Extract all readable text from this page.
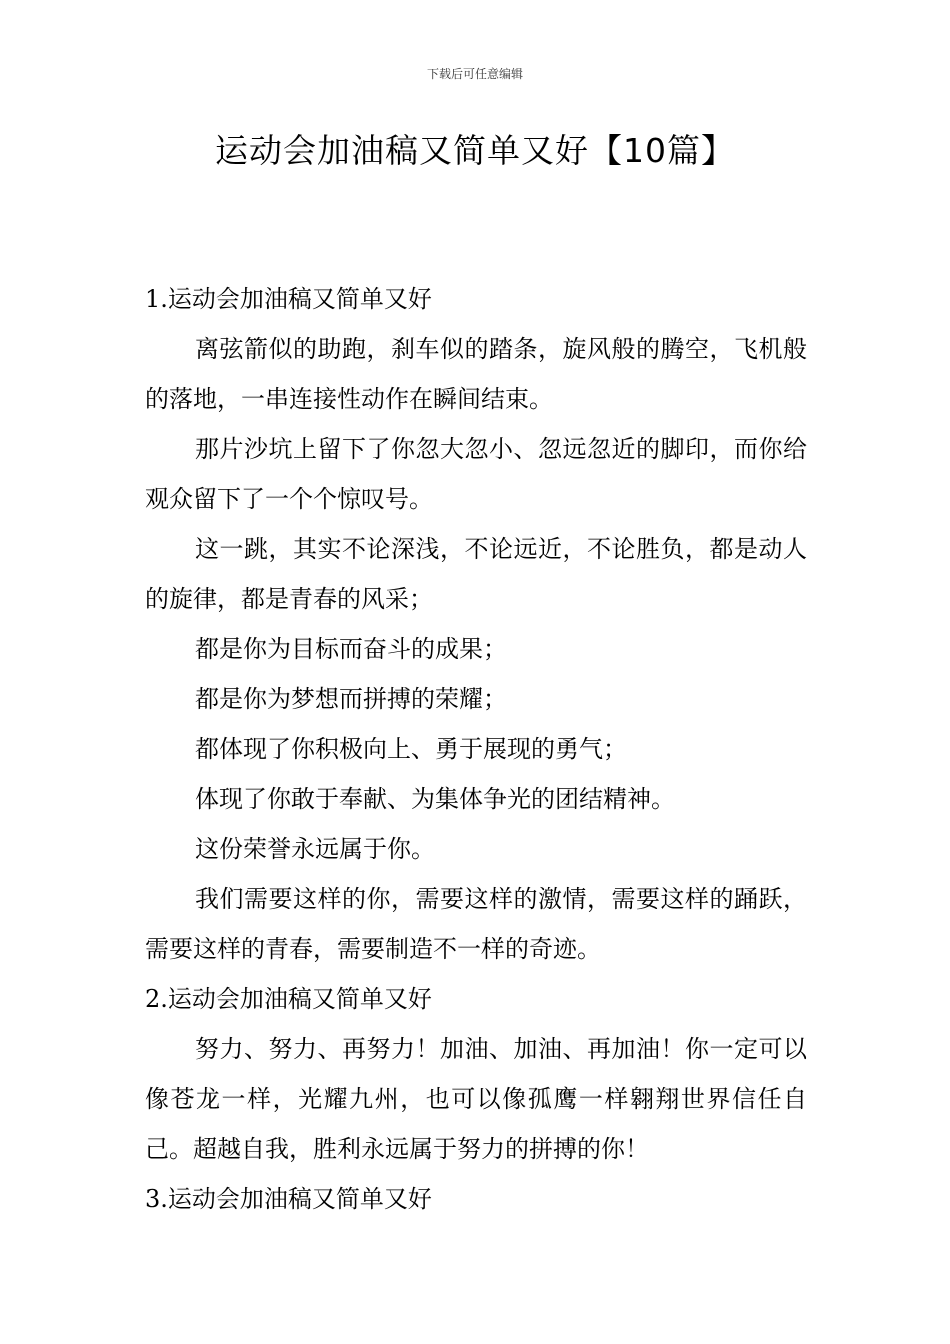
下载后可任意编辑
运动会加油稿又简单又好【10篇】

1.运动会加油稿又简单又好

离弦箭似的助跑，刹车似的踏条，旋风般的腾空，飞机般的落地，一串连接性动作在瞬间结束。

那片沙坑上留下了你忽大忽小、忽远忽近的脚印，而你给观众留下了一个个惊叹号。

这一跳，其实不论深浅，不论远近，不论胜负，都是动人的旋律，都是青春的风采；

都是你为目标而奋斗的成果；

都是你为梦想而拼搏的荣耀；

都体现了你积极向上、勇于展现的勇气；

体现了你敢于奉献、为集体争光的团结精神。

这份荣誉永远属于你。

我们需要这样的你，需要这样的激情，需要这样的踊跃，需要这样的青春，需要制造不一样的奇迹。

2.运动会加油稿又简单又好

努力、努力、再努力！加油、加油、再加油！你一定可以像苍龙一样，光耀九州，也可以像孤鹰一样翱翔世界信任自己。超越自我，胜利永远属于努力的拼搏的你！

3.运动会加油稿又简单又好
